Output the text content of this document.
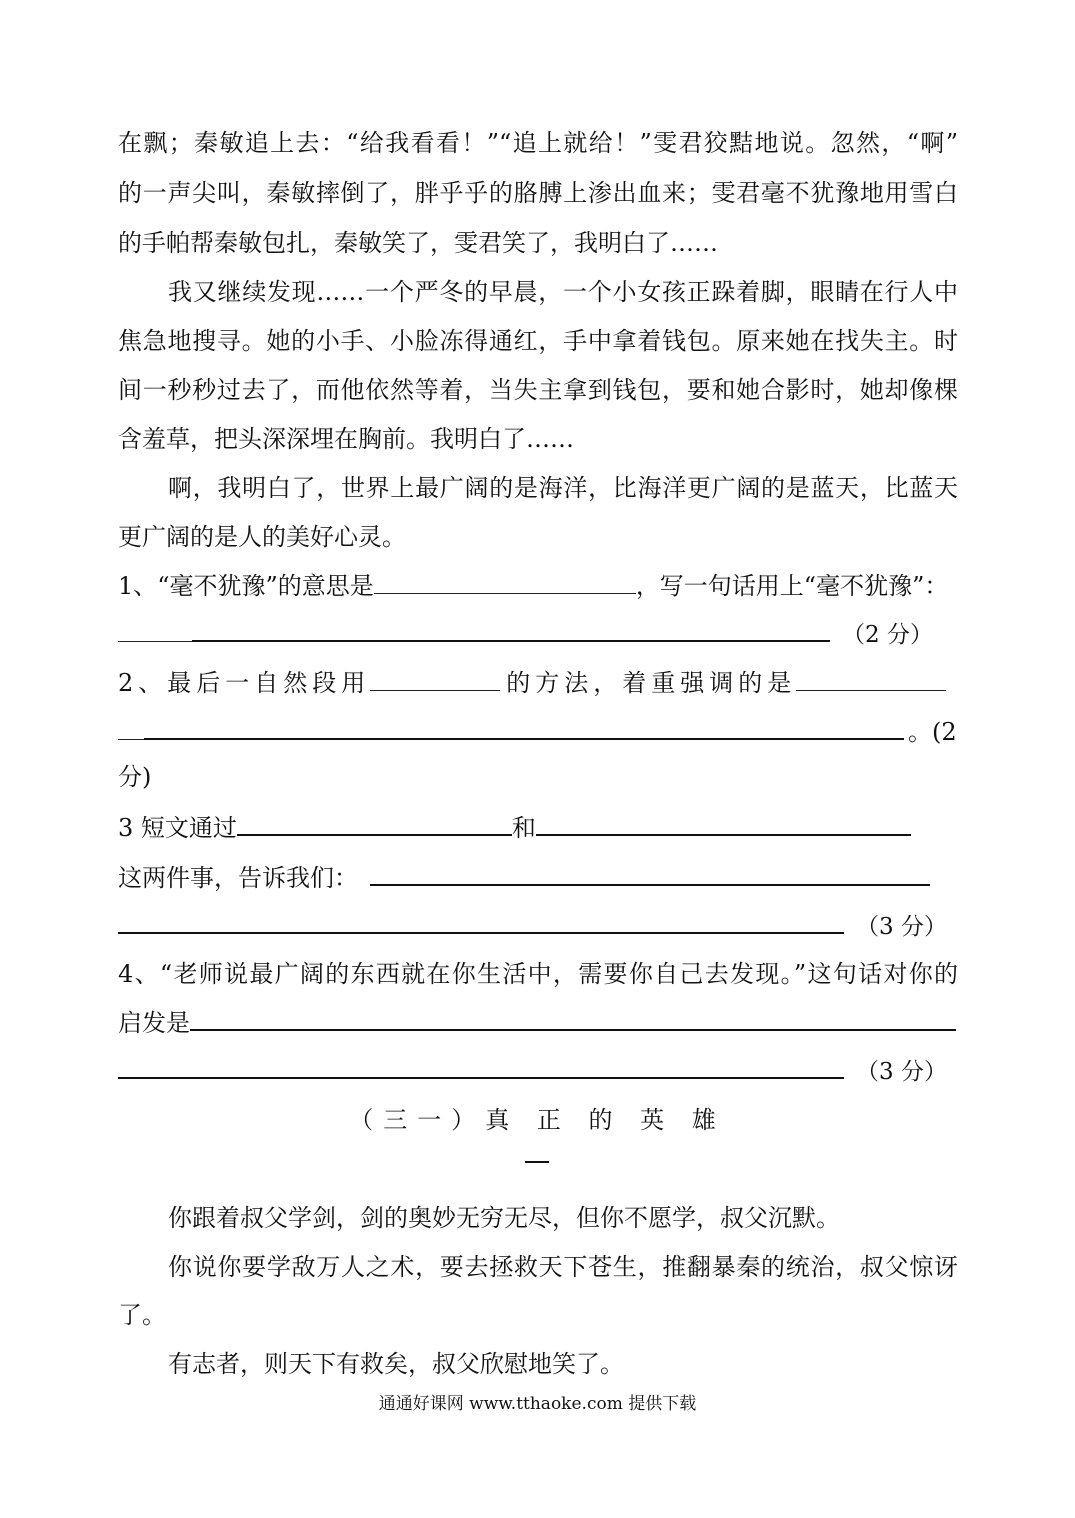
在飘；秦敏追上去：“给我看看！”“追上就给！”雯君狡黠地说。忽然，“啊”
的一声尖叫，秦敏摔倒了，胖乎乎的胳膊上渗出血来；雯君毫不犹豫地用雪白
的手帕帮秦敏包扎，秦敏笑了，雯君笑了，我明白了……
我又继续发现……一个严冬的早晨，一个小女孩正跺着脚，眼睛在行人中
焦急地搜寻。她的小手、小脸冻得通红，手中拿着钱包。原来她在找失主。时
间一秒秒过去了，而他依然等着，当失主拿到钱包，要和她合影时，她却像棵
含羞草，把头深深埋在胸前。我明白了……
啊，我明白了，世界上最广阔的是海洋，比海洋更广阔的是蓝天，比蓝天
更广阔的是人的美好心灵。
1、“毫不犹豫”的意思是	，写一句话用上“毫不犹豫”：
（2 分）
2、最后一自然段用	的方法，着重强调的是
。(2
分)
3 短文通过	和
这两件事，告诉我们：
（3 分）
4、“老师说最广阔的东西就在你生活中，需要你自己去发现。”这句话对你的
启发是
（3 分）
（三一）真 正 的 英 雄
你跟着叔父学剑，剑的奥妙无穷无尽，但你不愿学，叔父沉默。
你说你要学敌万人之术，要去拯救天下苍生，推翻暴秦的统治，叔父惊讶
了。
有志者，则天下有救矣，叔父欣慰地笑了。
通通好课网 www.tthaoke.com 提供下载
